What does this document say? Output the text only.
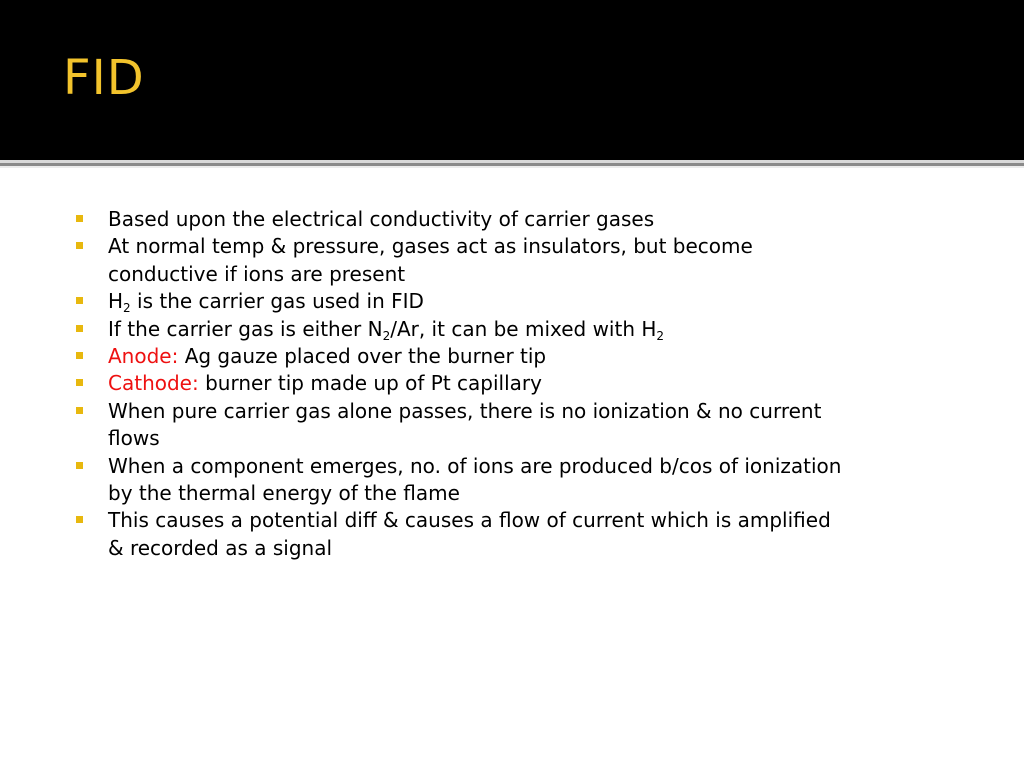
FID
Based upon the electrical conductivity of carrier gases
At normal temp & pressure, gases act as insulators, but become
conductive if ions are present
$H_2$ is the carrier gas used in FID
If the carrier gas is either $N_2/Ar$, it can be mixed with $H_2$
Anode: Ag gauze placed over the burner tip
Cathode: burner tip made up of Pt capillary
When pure carrier gas alone passes, there is no ionization & no current
flows
When a component emerges, no. of ions are produced b/cos of ionization
by the thermal energy of the flame
This causes a potential diff & causes a flow of current which is amplified
& recorded as a signal
